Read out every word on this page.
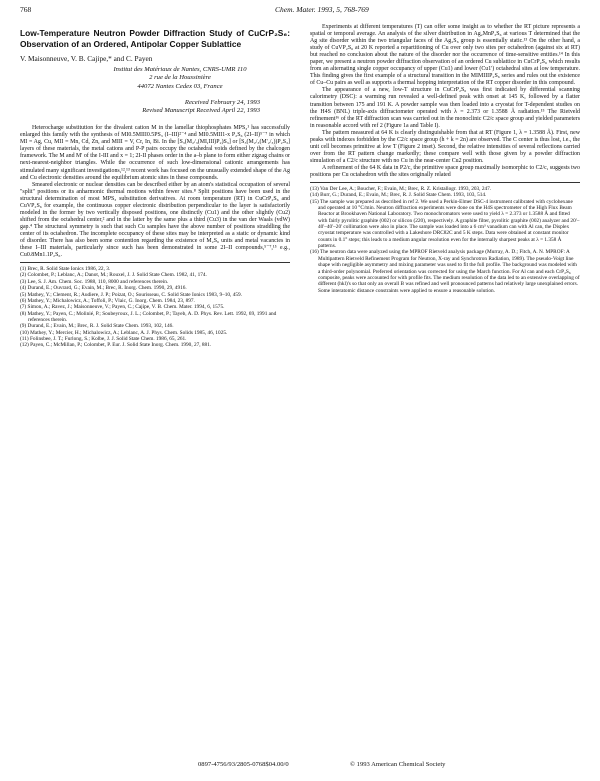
768	Chem. Mater. 1993, 5, 768-769
Low-Temperature Neutron Powder Diffraction Study of CuCrP₂S₆: Observation of an Ordered, Antipolar Copper Sublattice
V. Maisonneuve, V. B. Cajipe,* and C. Payen
Institut des Matériaux de Nantes, CNRS-UMR 110
2 rue de la Houssinière
44072 Nantes Cedex 03, France
Received February 24, 1993
Revised Manuscript Received April 22, 1993

Heterocharge substitution for the divalent cation M in the lamellar thiophosphates MPS₃¹ has successfully enlarged this family with the synthesis of MI0.5MIII0.5PS₃ (I–III)²⁻⁴ and MI0.5MII1-x P₂S₆ (2I–II)⁵⁻⁷ in which MI = Ag, Cu, MII = Mn, Cd, Zn, and MIII = V, Cr, In, Bi. In the [S₃(M₂/₃(MI,III)P₂)S₃] or [S₃(M₂/₃(M'₂/₃))P₂S₃] layers of these materials, the metal cations and P-P pairs occupy the octahedral voids defined by the chalcogen framework. The M and M' of the I-III and x = 1; 2I-II phases order in the a–b plane to form either zigzag chains or next-nearest-neighbor triangles. While the occurrence of such low-dimensional cationic arrangements has stimulated many significant investigations,¹²,¹³ recent work has focused on the unusually extended shape of the Ag and Cu electronic densities around the equilibrium atomic sites in these compounds.

Smeared electronic or nuclear densities can be described either by an atom's statistical occupation of several "split" positions or its anharmonic thermal motions within fewer sites.⁸ Split positions have been used in the structural determination of most MPS₃ substitution derivatives. At room temperature (RT) in CuCrP₂S₆ and CuVP₂S₆ for example, the continuous copper electronic distribution perpendicular to the layer is satisfactorily modeled in the former by two vertically disposed positions, one distinctly (Cu1) and the other slightly (Cu2) shifted from the octahedral center,² and in the latter by the same plus a third (Cu3) in the van der Waals (vdW) gap.⁴ The structural symmetry is such that such Cu samples have the above number of positions straddling the center of its octahedron. The incomplete occupancy of these sites may be interpreted as a static or dynamic kind of disorder. There has also been some contention regarding the existence of M₂S₆ units and metal vacancies in these I–III materials, particularly since such has been demonstrated in some 2I–II compounds,⁵⁻⁷,¹⁵ e.g., Cu0.8Mn1.1P₂S₆.

(1) Brec, R. Solid State Ionics 1986, 22, 3.

(2) Colombet, P.; Leblanc, A.; Danot, M.; Rouxel, J. J. Solid State Chem. 1982, 41, 174.

(3) Lee, S. J. Am. Chem. Soc. 1988, 110, 8000 and references therein.

(4) Durand, E.; Ouvrard, G.; Evain, M.; Brec, R. Inorg. Chem. 1990, 29, 4916.

(5) Mathey, Y.; Clement, R.; Audiere, J. P.; Poizat, O.; Sourisseau, C. Solid State Ionics 1983, 9–10, 459.

(6) Mathey, Y.; Michalowicz, A.; Toffoli, P.; Vlaic, G. Inorg. Chem. 1984, 23, 897.

(7) Simon, A.; Ravez, J.; Maisonneuve, V.; Payen, C.; Cajipe, V. B. Chem. Mater. 1994, 6, 1575.

(8) Mathey, Y.; Payen, C.; Molinié, P.; Soubeyroux, J. L.; Colombet, P.; Tayeb, A. D. Phys. Rev. Lett. 1992, 69, 1991 and references therein.

(9) Durand, E.; Evain, M.; Brec, R. J. Solid State Chem. 1993, 102, 146.

(10) Mathey, Y.; Mercier, H.; Michalowicz, A.; Leblanc, A. J. Phys. Chem. Solids 1985, 46, 1025.

(11) Folinsbee, J. T.; Furlong, S.; Kolbe, J. J. Solid State Chem. 1986, 65, 261.

(12) Payen, C.; McMillan, P.; Colombet, P. Eur. J. Solid State Inorg. Chem. 1990, 27, 881.

Experiments at different temperatures (T) can offer some insight as to whether the RT picture represents a spatial or temporal average. An analysis of the silver distribution in Ag₂MnP₂S₆ at various T determined that the Ag site disorder within the two triangular faces of the Ag₂S₆ group is essentially static.¹³ On the other hand, a study of CuVP₂S₆ at 20 K reported a repartitioning of Cu over only two sites per octahedron (against six at RT) but reached no conclusion about the nature of the disorder nor the occurrence of time-sensitive entities.¹⁴ In this paper, we present a neutron powder diffraction observation of an ordered Cu sublattice in CuCrP₂S₆ which results from an alternating single copper occupancy of upper (Cu1) and lower (Cu1') octahedral sites at low temperature. This finding gives the first example of a structural transition in the MIMIIIP₂S₆ series and rules out the existence of Cu–Cu pairs as well as supports a thermal hopping interpretation of the RT copper disorder in this compound.

The appearance of a new, low-T structure in CuCrP₂S₆ was first indicated by differential scanning calorimetry (DSC): a warming run revealed a well-defined peak with onset at 145 K, followed by a flatter transition between 175 and 191 K. A powder sample was then loaded into a cryostat for T-dependent studies on the H4S (BNL) triple-axis diffractometer operated with λ = 2.373 or 1.3588 Å radiation.¹⁵ The Rietveld refinement¹⁶ of the RT diffraction scan was carried out in the monoclinic C2/c space group and yielded parameters in reasonable accord with ref 2 (Figure 1a and Table I).

The pattern measured at 64 K is clearly distinguishable from that at RT (Figure 1, λ = 1.3588 Å). First, new peaks with indexes forbidden by the C2/c space group (h + k = 2n) are observed. The C center is thus lost, i.e., the unit cell becomes primitive at low T (Figure 2 inset). Second, the relative intensities of several reflections carried over from the RT pattern change markedly; these compare well with those given by a powder diffraction simulation of a C2/c structure with no Cu in the near-center Cu2 position.

A refinement of the 64 K data in P2/c, the primitive space group maximally isomorphic to C2/c, suggests two positions per Cu octahedron with the sites originally related

(13) Van Der Lee, A.; Boucher, F.; Evain, M.; Brec, R. Z. Kristallogr. 1993, 203, 247.

(14) Burr, G.; Durand, E.; Evain, M.; Brec, R. J. Solid State Chem. 1993, 103, 514.

(15) The sample was prepared as described in ref 2. We used a Perkin-Elmer DSC-4 instrument calibrated with cyclohexane and operated at 10 °C/min. Neutron diffraction experiments were done on the H4S spectrometer of the High Flux Beam Reactor at Brookhaven National Laboratory. Two monochromators were used to yield λ = 2.373 or 1.3588 Å and fitted with fairly pyrolitic graphite (002) or silicon (220), respectively. A graphite filter, pyrolitic graphite (002) analyzer and 20'–40'–40'–20' collimation were also in place. The sample was loaded into a 6 cm³ vanadium can with Al can, the Displex cryostat temperature was controlled with a Lakeshore DRC82C and 5 K steps. Data were obtained at constant monitor counts in 0.1° steps; this leads to a medium angular resolution even for the internally sharpest peaks at λ = 1.358 Å patterns.

(16) The neutron data were analyzed using the MPROF Rietveld analysis package (Murray, A. D.; Fitch, A. N. MPROF: A Multipattern Rietveld Refinement Program for Neutron, X-ray and Synchrotron Radiation, 1989). The pseudo-Voigt line shape with negligible asymmetry and mixing parameter was used to fit the full profile. The background was modeled with a third-order polynomial. Preferred orientation was corrected for using the March function. For Al can and each CrP₂S₆ composite, peaks were accounted for with profile fits. The medium resolution of the data led to an extensive overlapping of different (hkl)'s so that only an overall B was refined and well pronounced patterns had relatively large unexplained errors. Some interatomic distance constraints were applied to ensure a reasonable solution.

0897-4756/93/2805-0768$04.00/0	© 1993 American Chemical Society
